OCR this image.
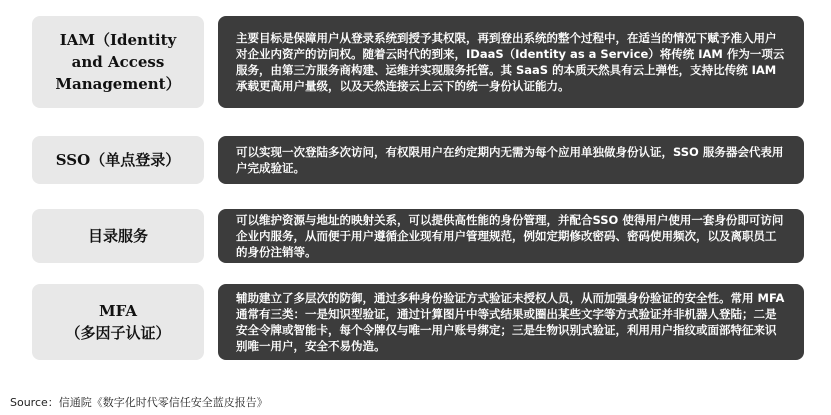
IAM（Identity
and Access
Management）
主要目标是保障用户从登录系统到授予其权限，再到登出系统的整个过程中，在适当的情况下赋予准入用户对企业内资产的访问权。随着云时代的到来，IDaaS（Identity as a Service）将传统 IAM 作为一项云服务，由第三方服务商构建、运维并实现服务托管。其 SaaS 的本质天然具有云上弹性，支持比传统 IAM 承载更高用户量级，以及天然连接云上云下的统一身份认证能力。
SSO（单点登录）	可以实现一次登陆多次访问，有权限用户在约定期内无需为每个应用单独做身份认证，SSO 服务器会代表用户完成验证。
目录服务
可以维护资源与地址的映射关系，可以提供高性能的身份管理，并配合SSO 使得用户使用一套身份即可访问企业内服务，从而便于用户遵循企业现有用户管理规范，例如定期修改密码、密码使用频次，以及离职员工的身份注销等。
MFA
（多因子认证）
辅助建立了多层次的防御，通过多种身份验证方式验证未授权人员，从而加强身份验证的安全性。常用 MFA 通常有三类：一是知识型验证，通过计算图片中等式结果或圈出某些文字等方式验证并非机器人登陆；二是安全令牌或智能卡，每个令牌仅与唯一用户账号绑定；三是生物识别式验证，利用用户指纹或面部特征来识别唯一用户，安全不易伪造。
Source：信通院《数字化时代零信任安全蓝皮报告》
